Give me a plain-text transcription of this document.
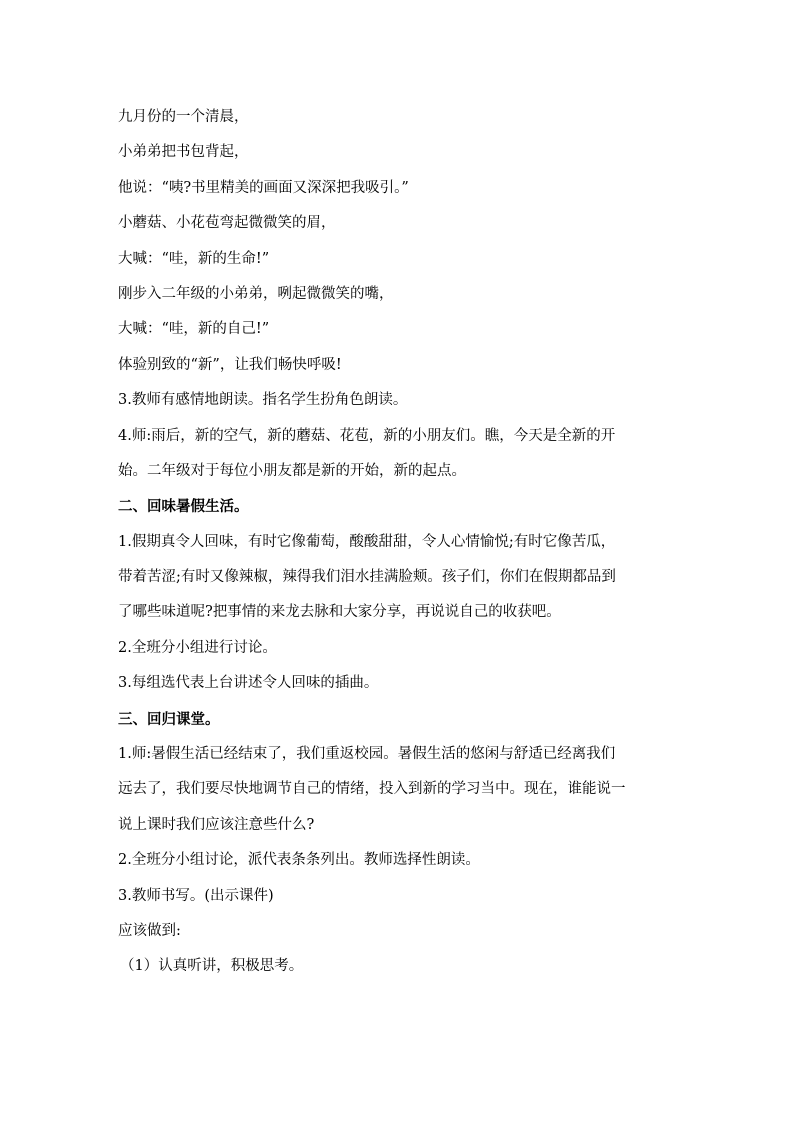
九月份的一个清晨，

小弟弟把书包背起，

他说：“咦?书里精美的画面又深深把我吸引。”

小蘑菇、小花苞弯起微微笑的眉，

大喊：“哇，新的生命!”

刚步入二年级的小弟弟，咧起微微笑的嘴，

大喊：“哇，新的自己!”

体验别致的“新”，让我们畅快呼吸!

3.教师有感情地朗读。指名学生扮角色朗读。

4.师:雨后，新的空气，新的蘑菇、花苞，新的小朋友们。瞧，今天是全新的开

始。二年级对于每位小朋友都是新的开始，新的起点。

二、回味暑假生活。

1.假期真令人回味，有时它像葡萄，酸酸甜甜，令人心情愉悦;有时它像苦瓜，

带着苦涩;有时又像辣椒，辣得我们泪水挂满脸颊。孩子们，你们在假期都品到

了哪些味道呢?把事情的来龙去脉和大家分享，再说说自己的收获吧。

2.全班分小组进行讨论。

3.每组选代表上台讲述令人回味的插曲。

三、回归课堂。

1.师:暑假生活已经结束了，我们重返校园。暑假生活的悠闲与舒适已经离我们

远去了，我们要尽快地调节自己的情绪，投入到新的学习当中。现在，谁能说一

说上课时我们应该注意些什么?

2.全班分小组讨论，派代表条条列出。教师选择性朗读。

3.教师书写。(出示课件)

应该做到:

（1）认真听讲，积极思考。
